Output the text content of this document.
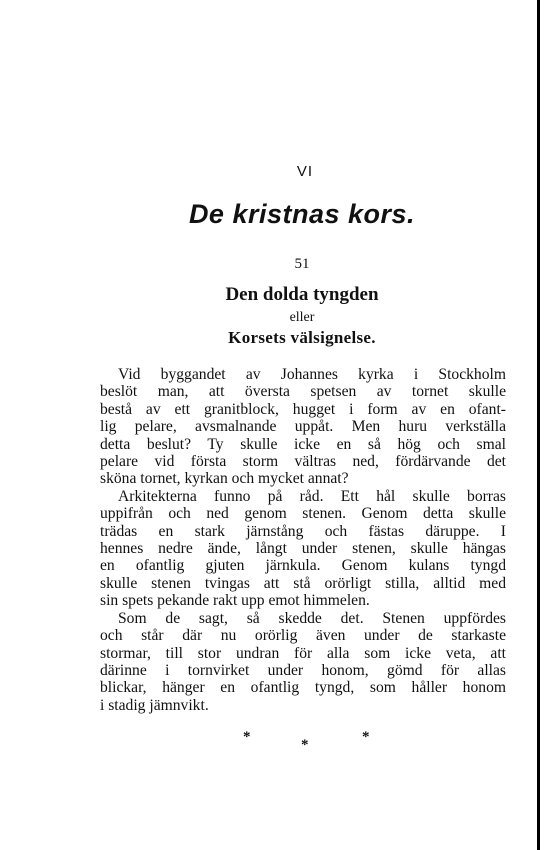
VI
De kristnas kors.
51
Den dolda tyngden
eller
Korsets välsignelse.
Vid byggandet av Johannes kyrka i Stockholm
beslöt man, att översta spetsen av tornet skulle
bestå av ett granitblock, hugget i form av en ofant-
lig pelare, avsmalnande uppåt. Men huru verkställa
detta beslut? Ty skulle icke en så hög och smal
pelare vid första storm vältras ned, fördärvande det
sköna tornet, kyrkan och mycket annat?
Arkitekterna funno på råd. Ett hål skulle borras
uppifrån och ned genom stenen. Genom detta skulle
trädas en stark järnstång och fästas däruppe. I
hennes nedre ände, långt under stenen, skulle hängas
en ofantlig gjuten järnkula. Genom kulans tyngd
skulle stenen tvingas att stå orörligt stilla, alltid med
sin spets pekande rakt upp emot himmelen.
Som de sagt, så skedde det. Stenen uppfördes
och står där nu orörlig även under de starkaste
stormar, till stor undran för alla som icke veta, att
därinne i tornvirket under honom, gömd för allas
blickar, hänger en ofantlig tyngd, som håller honom
i stadig jämnvikt.
*	*	*
